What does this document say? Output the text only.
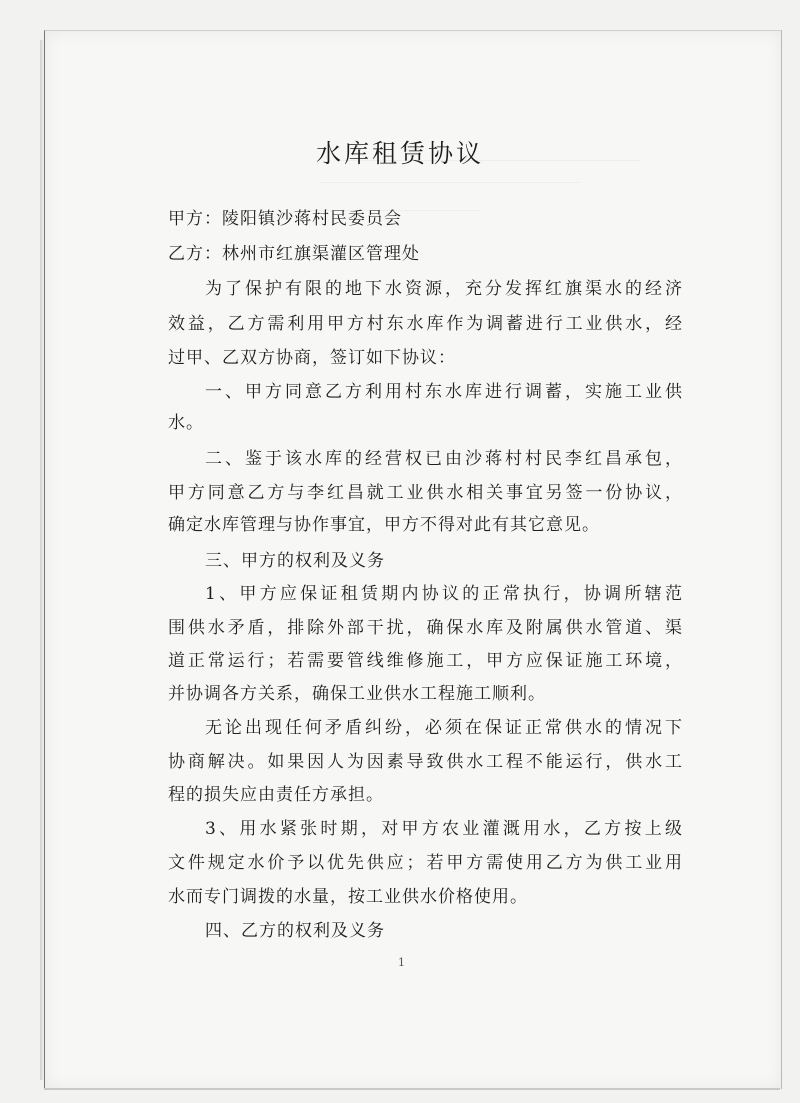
水库租赁协议
甲方：陵阳镇沙蒋村民委员会
乙方：林州市红旗渠灌区管理处
为了保护有限的地下水资源，充分发挥红旗渠水的经济
效益，乙方需利用甲方村东水库作为调蓄进行工业供水，经
过甲、乙双方协商，签订如下协议：
一、甲方同意乙方利用村东水库进行调蓄，实施工业供
水。
二、鉴于该水库的经营权已由沙蒋村村民李红昌承包，
甲方同意乙方与李红昌就工业供水相关事宜另签一份协议，
确定水库管理与协作事宜，甲方不得对此有其它意见。
三、甲方的权利及义务
1、甲方应保证租赁期内协议的正常执行，协调所辖范
围供水矛盾，排除外部干扰，确保水库及附属供水管道、渠
道正常运行；若需要管线维修施工，甲方应保证施工环境，
并协调各方关系，确保工业供水工程施工顺利。
无论出现任何矛盾纠纷，必须在保证正常供水的情况下
协商解决。如果因人为因素导致供水工程不能运行，供水工
程的损失应由责任方承担。
3、用水紧张时期，对甲方农业灌溉用水，乙方按上级
文件规定水价予以优先供应；若甲方需使用乙方为供工业用
水而专门调拨的水量，按工业供水价格使用。
四、乙方的权利及义务
1
